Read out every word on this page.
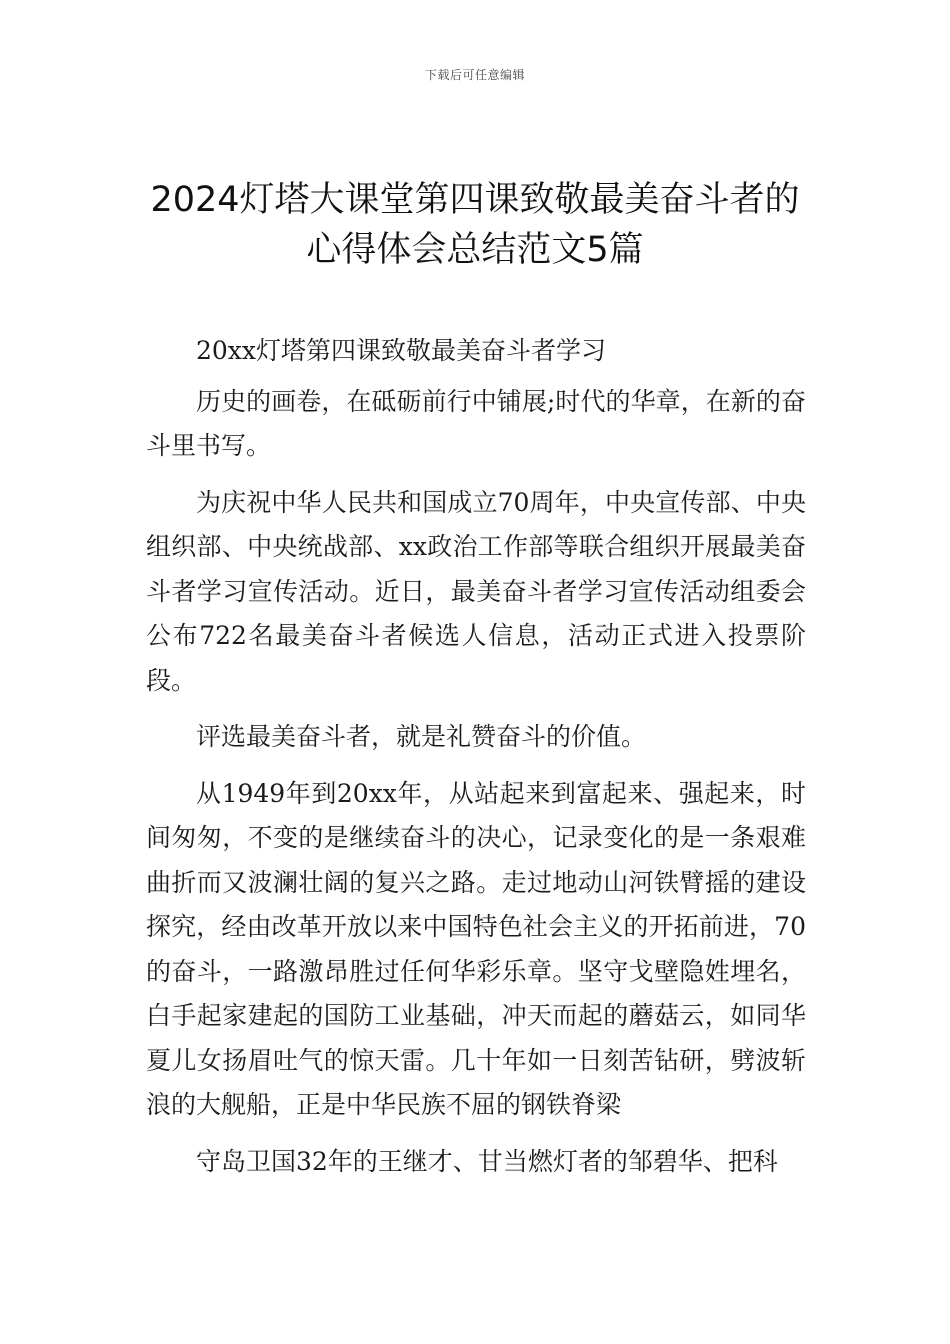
下载后可任意编辑
2024灯塔大课堂第四课致敬最美奋斗者的
心得体会总结范文5篇

20xx灯塔第四课致敬最美奋斗者学习

历史的画卷，在砥砺前行中铺展;时代的华章，在新的奋斗里书写。

为庆祝中华人民共和国成立70周年，中央宣传部、中央组织部、中央统战部、xx政治工作部等联合组织开展最美奋斗者学习宣传活动。近日，最美奋斗者学习宣传活动组委会公布722名最美奋斗者候选人信息，活动正式进入投票阶段。

评选最美奋斗者，就是礼赞奋斗的价值。

从1949年到20xx年，从站起来到富起来、强起来，时间匆匆，不变的是继续奋斗的决心，记录变化的是一条艰难曲折而又波澜壮阔的复兴之路。走过地动山河铁臂摇的建设探究，经由改革开放以来中国特色社会主义的开拓前进，70的奋斗，一路激昂胜过任何华彩乐章。坚守戈壁隐姓埋名，白手起家建起的国防工业基础，冲天而起的蘑菇云，如同华夏儿女扬眉吐气的惊天雷。几十年如一日刻苦钻研，劈波斩浪的大舰船，正是中华民族不屈的钢铁脊梁

守岛卫国32年的王继才、甘当燃灯者的邹碧华、把科
